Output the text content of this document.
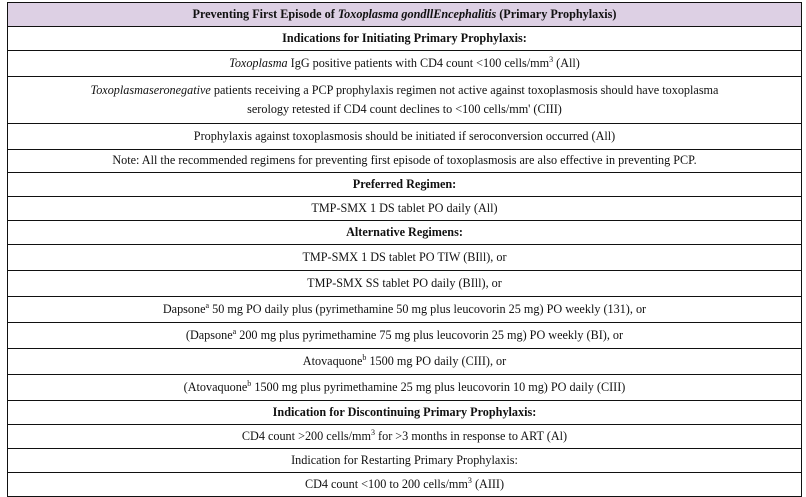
Preventing First Episode of Toxoplasma gondllEncephalitis (Primary Prophylaxis)

Indications for Initiating Primary Prophylaxis:

Toxoplasma IgG positive patients with CD4 count <100 cells/$mm^3$ (All)

Toxoplasmaseronegative patients receiving a PCP prophylaxis regimen not active against toxoplasmosis should have toxoplasma
serology retested if CD4 count declines to <100 cells/mm' (CIII)

Prophylaxis against toxoplasmosis should be initiated if seroconversion occurred (All)

Note: All the recommended regimens for preventing first episode of toxoplasmosis are also effective in preventing PCP.

Preferred Regimen:

TMP-SMX 1 DS tablet PO daily (All)

Alternative Regimens:

TMP-SMX 1 DS tablet PO TIW (BIll), or

TMP-SMX SS tablet PO daily (BIll), or

Dapsone$^a$ 50 mg PO daily plus (pyrimethamine 50 mg plus leucovorin 25 mg) PO weekly (131), or

(Dapsone$^a$ 200 mg plus pyrimethamine 75 mg plus leucovorin 25 mg) PO weekly (BI), or

Atovaquone$^b$ 1500 mg PO daily (CIII), or

(Atovaquone$^b$ 1500 mg plus pyrimethamine 25 mg plus leucovorin 10 mg) PO daily (CIII)

Indication for Discontinuing Primary Prophylaxis:

CD4 count >200 cells/$mm^3$ for >3 months in response to ART (Al)

Indication for Restarting Primary Prophylaxis:

CD4 count <100 to 200 cells/$mm^3$ (AIII)
